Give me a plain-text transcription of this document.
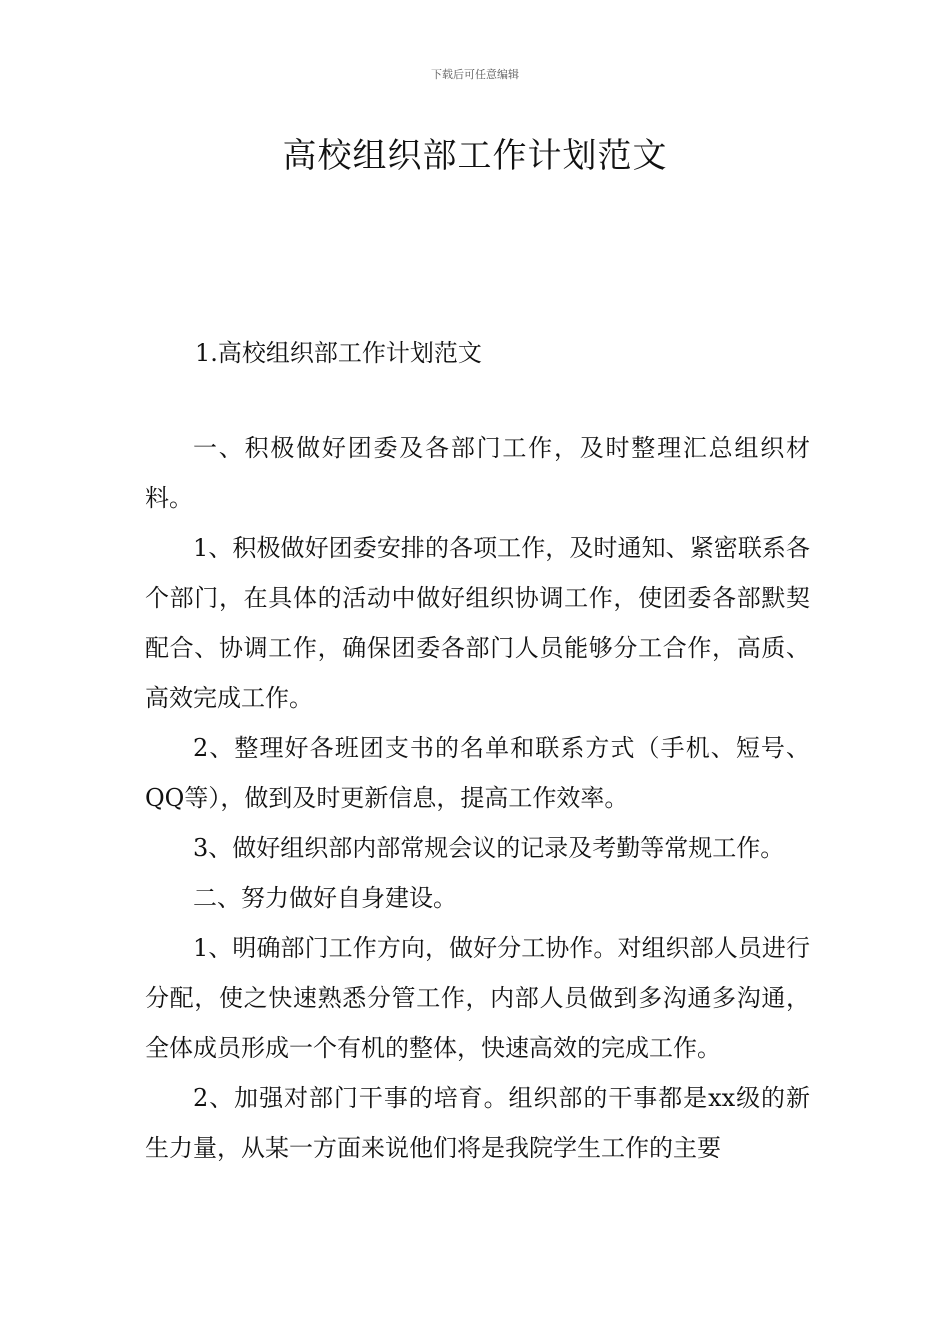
下载后可任意编辑
高校组织部工作计划范文
1.高校组织部工作计划范文

一、积极做好团委及各部门工作，及时整理汇总组织材料。

1、积极做好团委安排的各项工作，及时通知、紧密联系各个部门，在具体的活动中做好组织协调工作，使团委各部默契配合、协调工作，确保团委各部门人员能够分工合作，高质、高效完成工作。

2、整理好各班团支书的名单和联系方式（手机、短号、QQ等），做到及时更新信息，提高工作效率。

3、做好组织部内部常规会议的记录及考勤等常规工作。

二、努力做好自身建设。

1、明确部门工作方向，做好分工协作。对组织部人员进行分配，使之快速熟悉分管工作，内部人员做到多沟通多沟通，全体成员形成一个有机的整体，快速高效的完成工作。

2、加强对部门干事的培育。组织部的干事都是xx级的新生力量，从某一方面来说他们将是我院学生工作的主要
